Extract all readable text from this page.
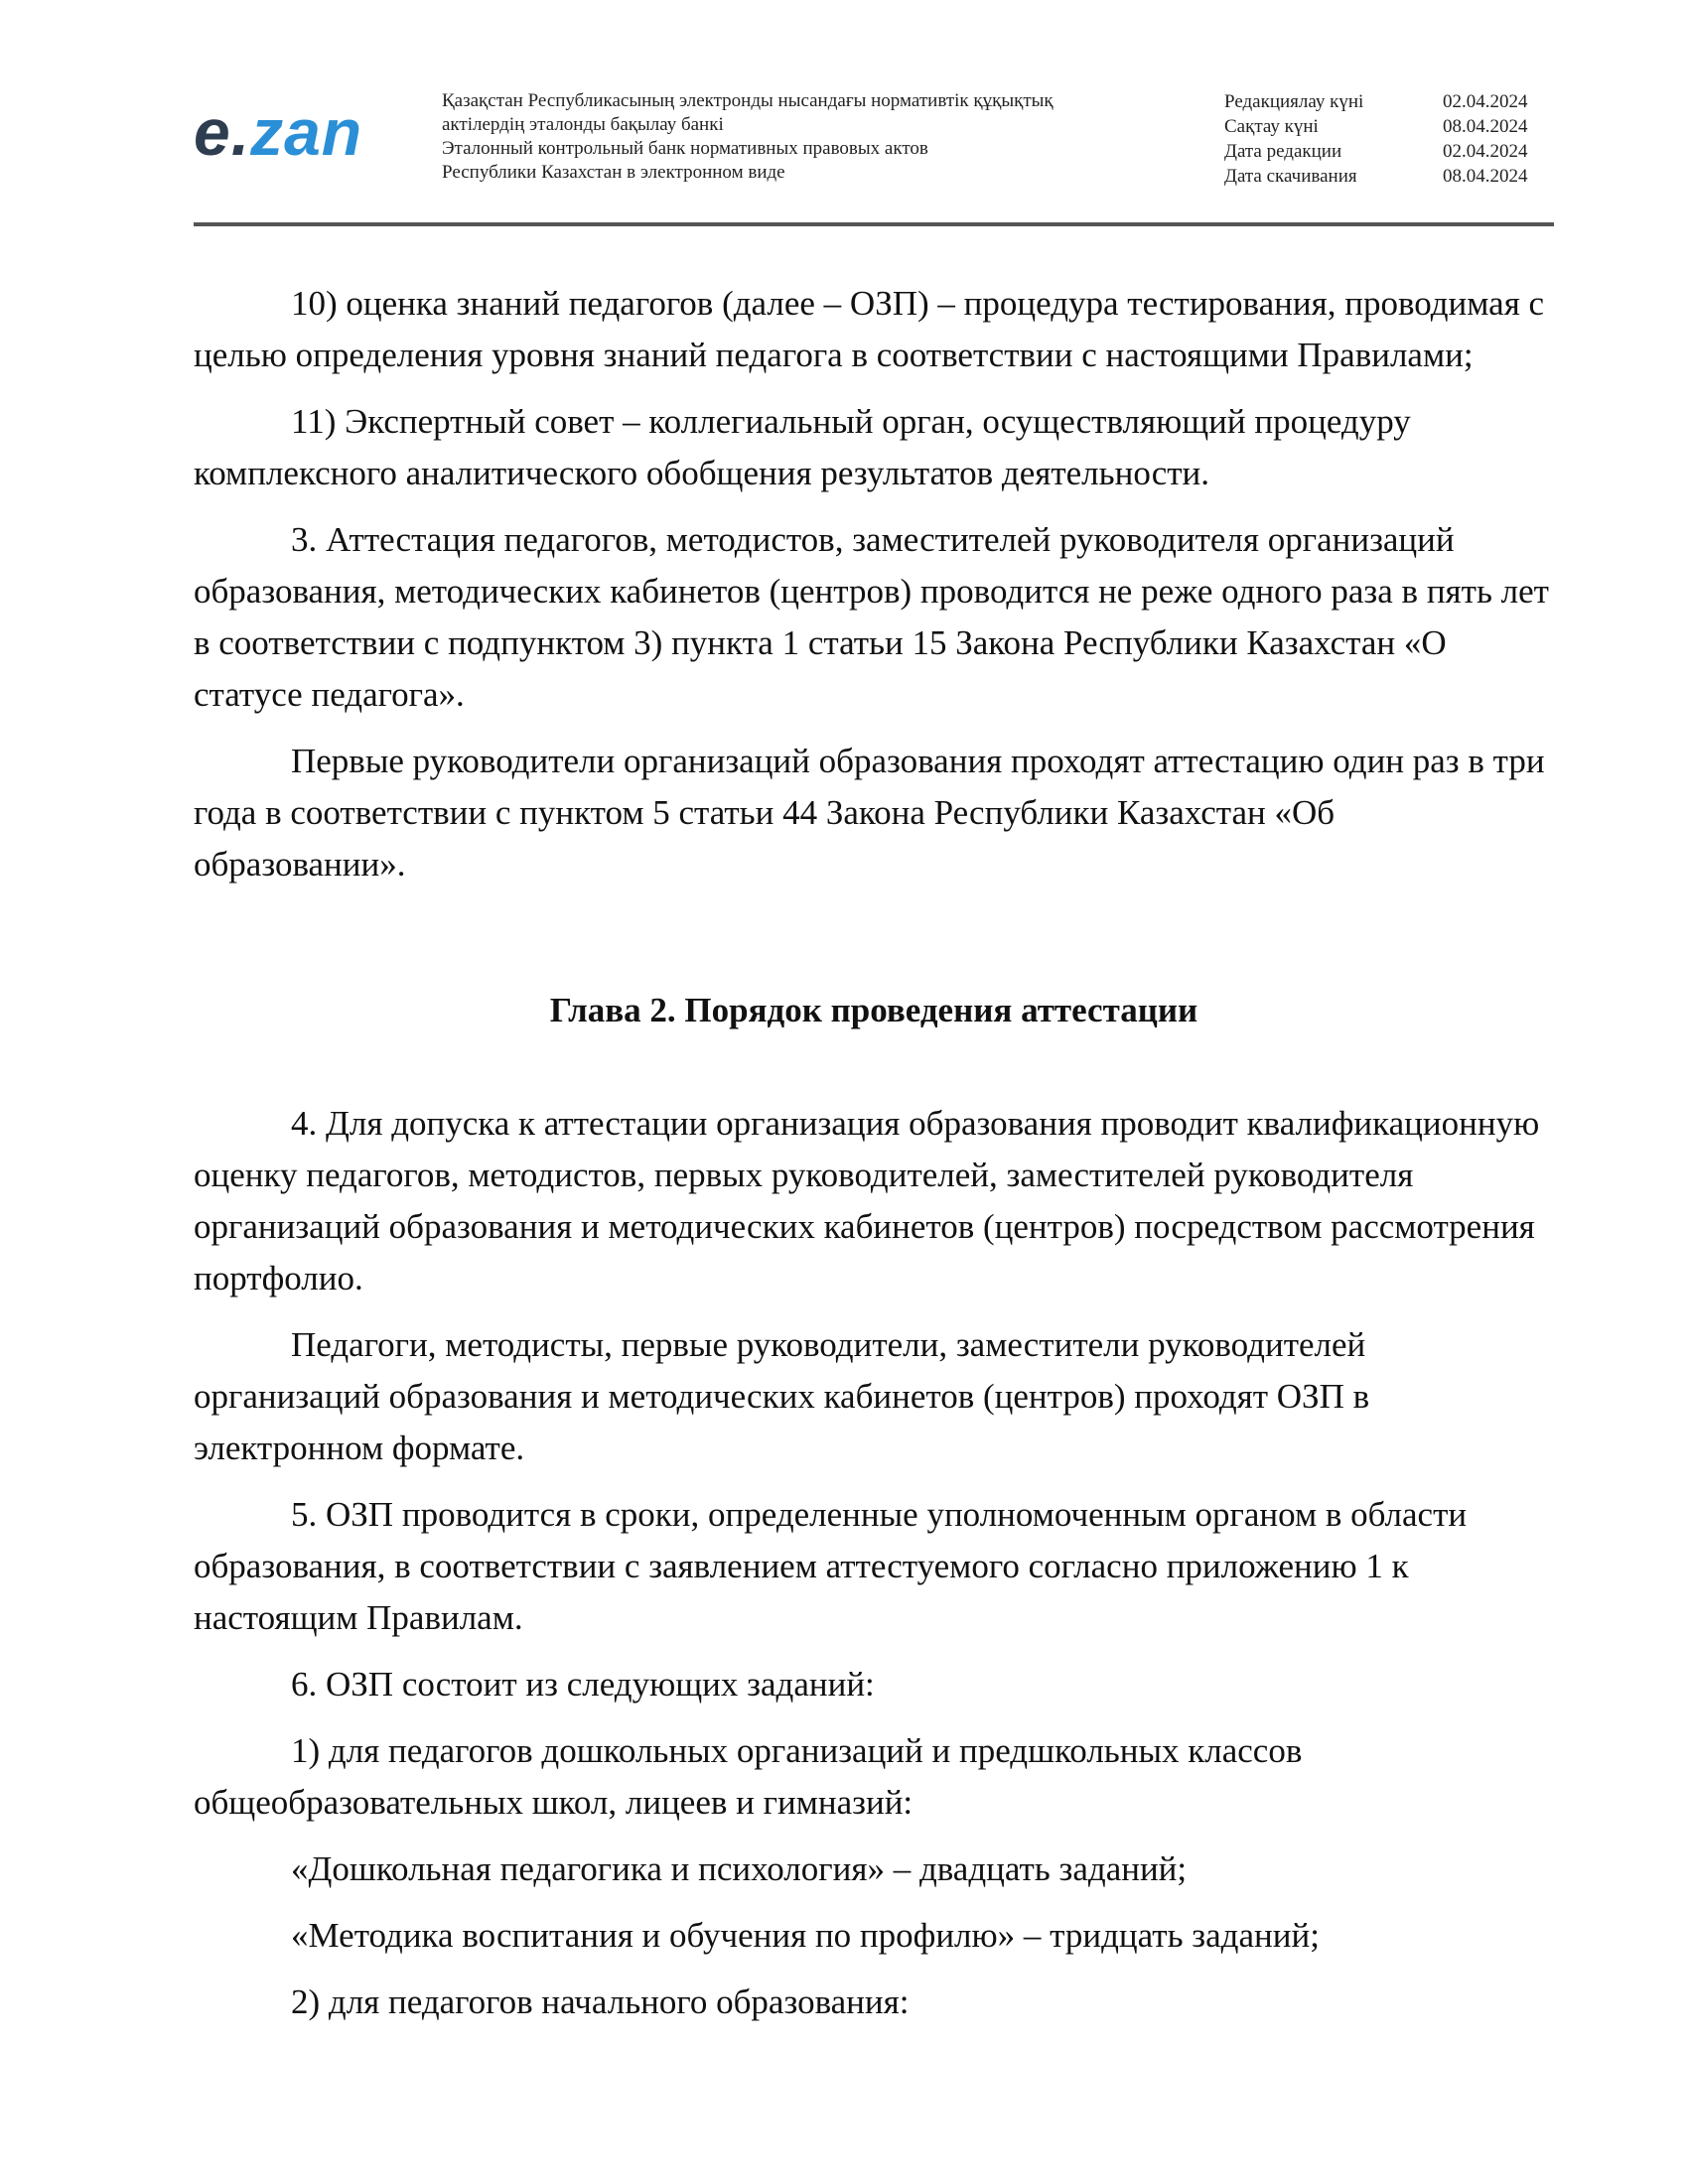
e.zan	Қазақстан Республикасының электронды нысандағы нормативтік құқықтық
актілердің эталонды бақылау банкі
Эталонный контрольный банк нормативных правовых актов
Республики Казахстан в электронном виде
Редакциялау күні	02.04.2024
Сақтау күні	08.04.2024
Дата редакции	02.04.2024
Дата скачивания	08.04.2024

10) оценка знаний педагогов (далее – ОЗП) – процедура тестирования, проводимая с целью определения уровня знаний педагога в соответствии с настоящими Правилами;

11) Экспертный совет – коллегиальный орган, осуществляющий процедуру комплексного аналитического обобщения результатов деятельности.

3. Аттестация педагогов, методистов, заместителей руководителя организаций образования, методических кабинетов (центров) проводится не реже одного раза в пять лет в соответствии с подпунктом 3) пункта 1 статьи 15 Закона Республики Казахстан «О статусе педагога».

Первые руководители организаций образования проходят аттестацию один раз в три года в соответствии с пунктом 5 статьи 44 Закона Республики Казахстан «Об образовании».

Глава 2. Порядок проведения аттестации

4. Для допуска к аттестации организация образования проводит квалификационную оценку педагогов, методистов, первых руководителей, заместителей руководителя организаций образования и методических кабинетов (центров) посредством рассмотрения портфолио.

Педагоги, методисты, первые руководители, заместители руководителей организаций образования и методических кабинетов (центров) проходят ОЗП в электронном формате.

5. ОЗП проводится в сроки, определенные уполномоченным органом в области образования, в соответствии с заявлением аттестуемого согласно приложению 1 к настоящим Правилам.

6. ОЗП состоит из следующих заданий:

1) для педагогов дошкольных организаций и предшкольных классов общеобразовательных школ, лицеев и гимназий:

«Дошкольная педагогика и психология» – двадцать заданий;

«Методика воспитания и обучения по профилю» – тридцать заданий;

2) для педагогов начального образования:
